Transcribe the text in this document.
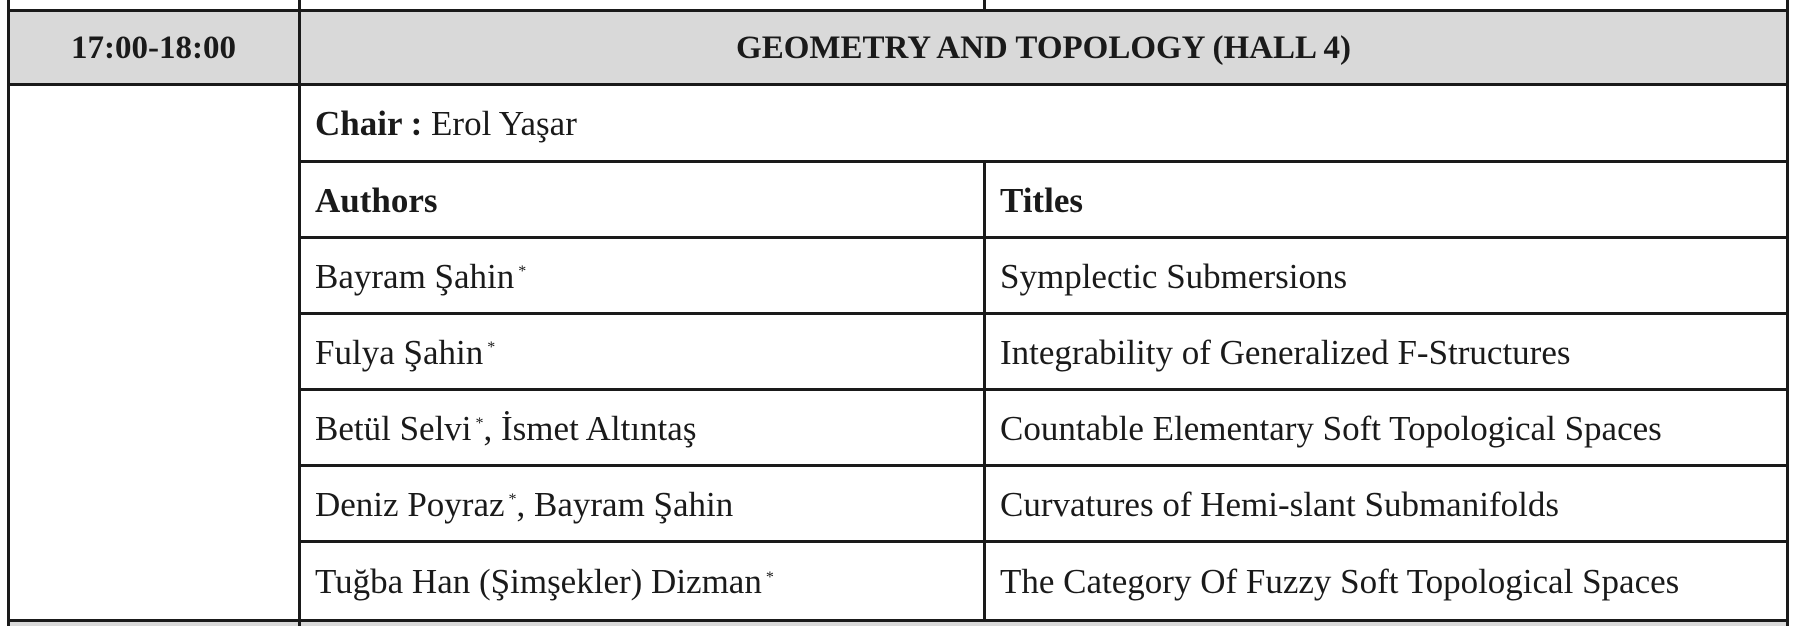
17:00-18:00	GEOMETRY AND TOPOLOGY (HALL 4)
Chair :
Erol Yaşar
Authors	Titles
Bayram Şahin *	Symplectic Submersions
Fulya Şahin *	Integrability of Generalized F-Structures
Betül Selvi * , İsmet Altıntaş	Countable Elementary Soft Topological Spaces
Deniz Poyraz * , Bayram Şahin	Curvatures of Hemi-slant Submanifolds
Tuğba Han (Şimşekler) Dizman *	The Category Of Fuzzy Soft Topological Spaces
